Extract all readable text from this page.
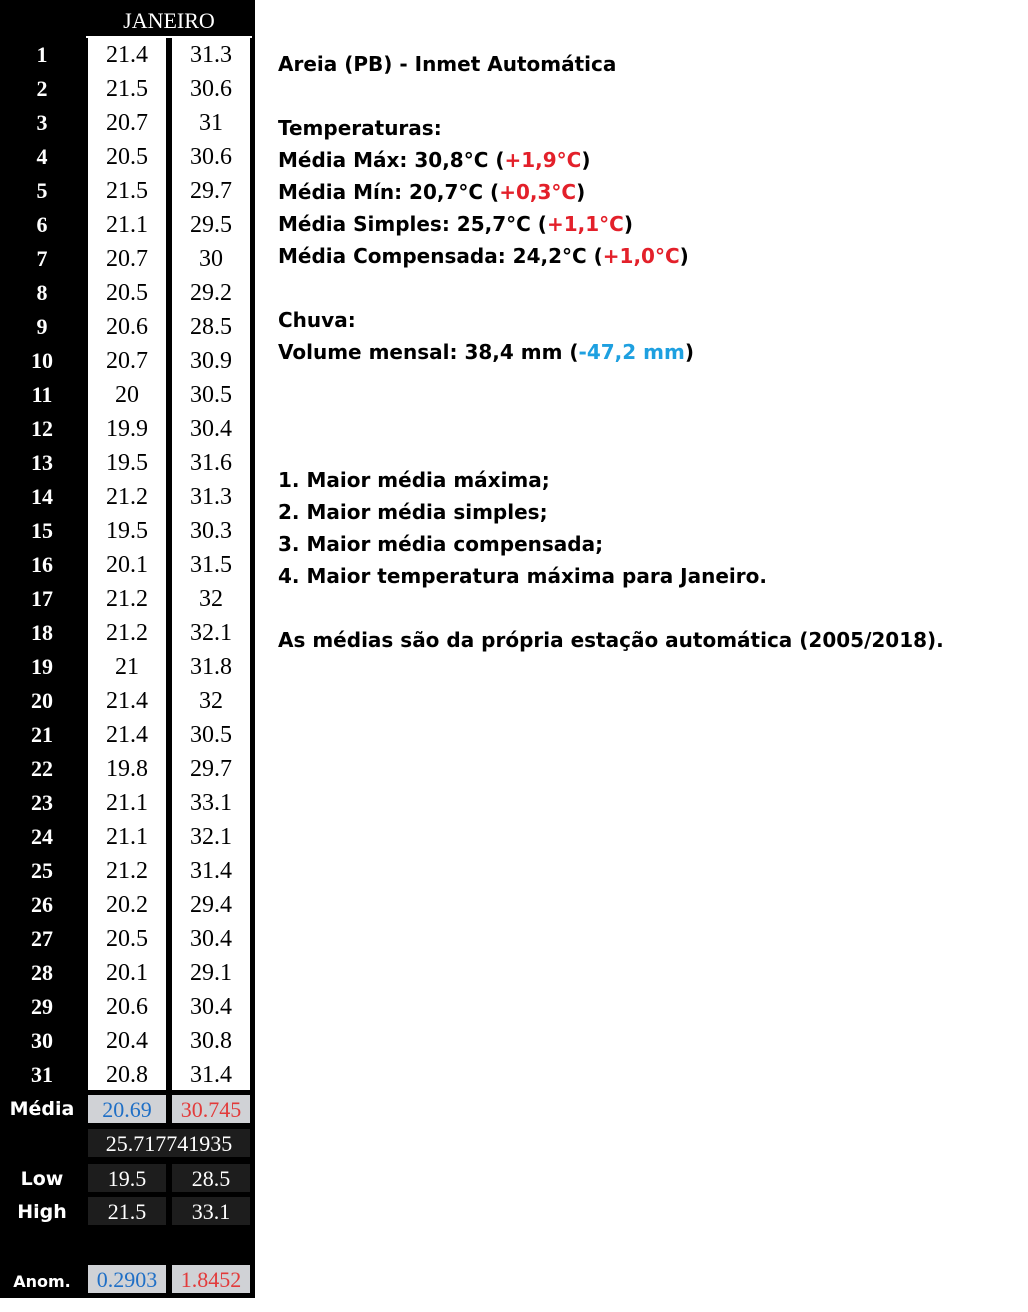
JANEIRO
1	21.4	31.3
2	21.5	30.6
3	20.7	31
4	20.5	30.6
5	21.5	29.7
6	21.1	29.5
7	20.7	30
8	20.5	29.2
9	20.6	28.5
10	20.7	30.9
11	20	30.5
12	19.9	30.4
13	19.5	31.6
14	21.2	31.3
15	19.5	30.3
16	20.1	31.5
17	21.2	32
18	21.2	32.1
19	21	31.8
20	21.4	32
21	21.4	30.5
22	19.8	29.7
23	21.1	33.1
24	21.1	32.1
25	21.2	31.4
26	20.2	29.4
27	20.5	30.4
28	20.1	29.1
29	20.6	30.4
30	20.4	30.8
31	20.8	31.4
Média	20.69	30.745
25.717741935
Low	19.5	28.5
High	21.5	33.1
Anom.	0.2903	1.8452
Areia (PB) - Inmet Automática
Temperaturas:
Média Máx: 30,8°C (+1,9°C)
Média Mín: 20,7°C (+0,3°C)
Média Simples: 25,7°C (+1,1°C)
Média Compensada: 24,2°C (+1,0°C)
Chuva:
Volume mensal: 38,4 mm (-47,2 mm)
1. Maior média máxima;
2. Maior média simples;
3. Maior média compensada;
4. Maior temperatura máxima para Janeiro.
As médias são da própria estação automática (2005/2018).
